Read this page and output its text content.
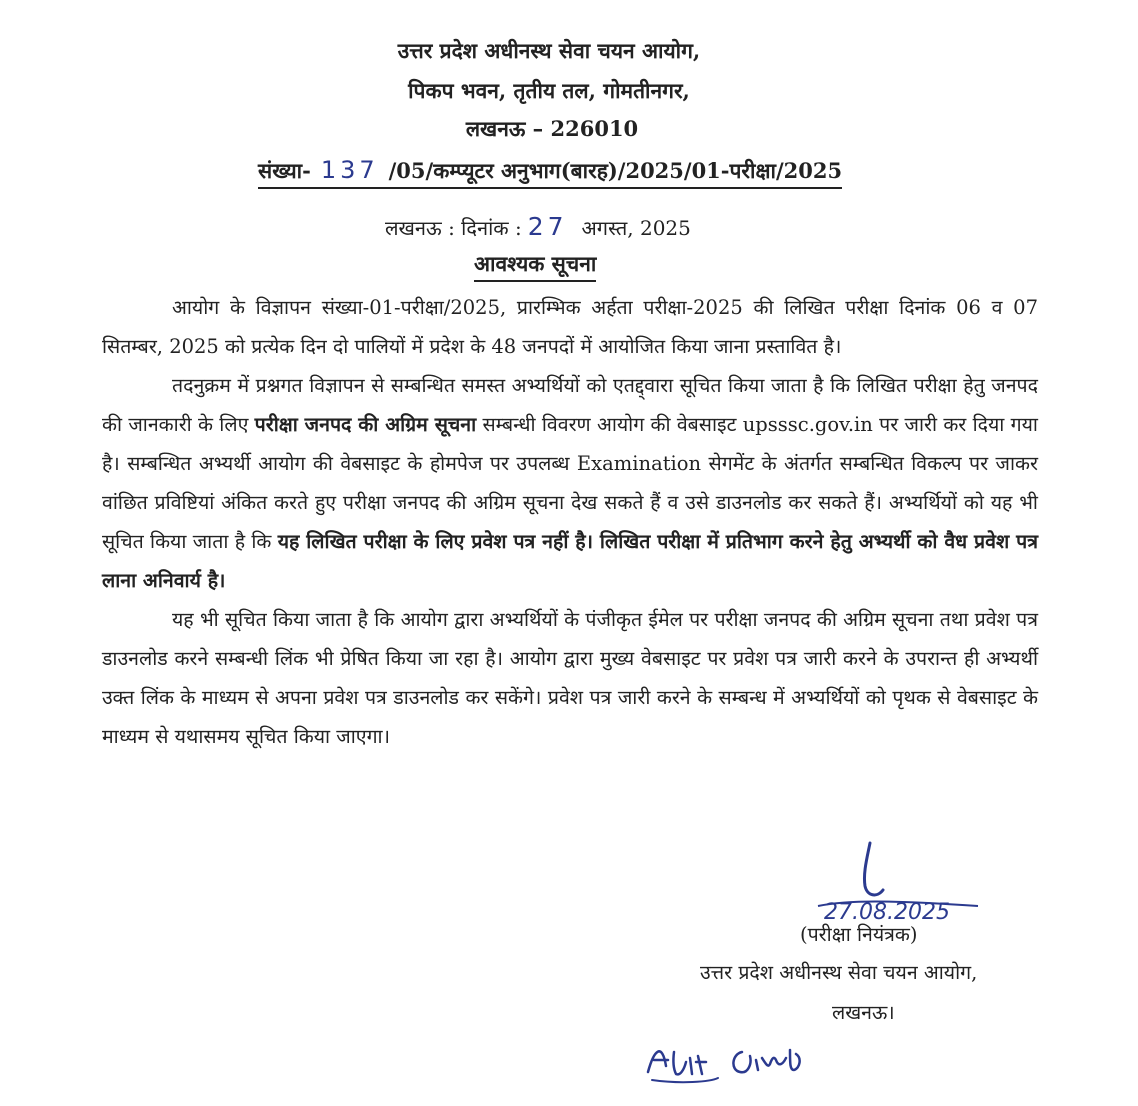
उत्तर प्रदेश अधीनस्थ सेवा चयन आयोग,
पिकप भवन, तृतीय तल, गोमतीनगर,
लखनऊ – 226010
संख्या- 137 /05/कम्प्यूटर अनुभाग(बारह)/2025/01-परीक्षा/2025
लखनऊ : दिनांक : 27 अगस्त, 2025
आवश्यक सूचना

आयोग के विज्ञापन संख्या-01-परीक्षा/2025, प्रारम्भिक अर्हता परीक्षा-2025 की लिखित परीक्षा दिनांक 06 व 07 सितम्बर, 2025 को प्रत्येक दिन दो पालियों में प्रदेश के 48 जनपदों में आयोजित किया जाना प्रस्तावित है।

तदनुक्रम में प्रश्नगत विज्ञापन से सम्बन्धित समस्त अभ्यर्थियों को एतद्द्वारा सूचित किया जाता है कि लिखित परीक्षा हेतु जनपद की जानकारी के लिए परीक्षा जनपद की अग्रिम सूचना सम्बन्धी विवरण आयोग की वेबसाइट upsssc.gov.in पर जारी कर दिया गया है। सम्बन्धित अभ्यर्थी आयोग की वेबसाइट के होमपेज पर उपलब्ध Examination सेगमेंट के अंतर्गत सम्बन्धित विकल्प पर जाकर वांछित प्रविष्टियां अंकित करते हुए परीक्षा जनपद की अग्रिम सूचना देख सकते हैं व उसे डाउनलोड कर सकते हैं। अभ्यर्थियों को यह भी सूचित किया जाता है कि यह लिखित परीक्षा के लिए प्रवेश पत्र नहीं है। लिखित परीक्षा में प्रतिभाग करने हेतु अभ्यर्थी को वैध प्रवेश पत्र लाना अनिवार्य है।

यह भी सूचित किया जाता है कि आयोग द्वारा अभ्यर्थियों के पंजीकृत ईमेल पर परीक्षा जनपद की अग्रिम सूचना तथा प्रवेश पत्र डाउनलोड करने सम्बन्धी लिंक भी प्रेषित किया जा रहा है। आयोग द्वारा मुख्य वेबसाइट पर प्रवेश पत्र जारी करने के उपरान्त ही अभ्यर्थी उक्त लिंक के माध्यम से अपना प्रवेश पत्र डाउनलोड कर सकेंगे। प्रवेश पत्र जारी करने के सम्बन्ध में अभ्यर्थियों को पृथक से वेबसाइट के माध्यम से यथासमय सूचित किया जाएगा।

27.08.2025
(परीक्षा नियंत्रक)
उत्तर प्रदेश अधीनस्थ सेवा चयन आयोग,
लखनऊ।
